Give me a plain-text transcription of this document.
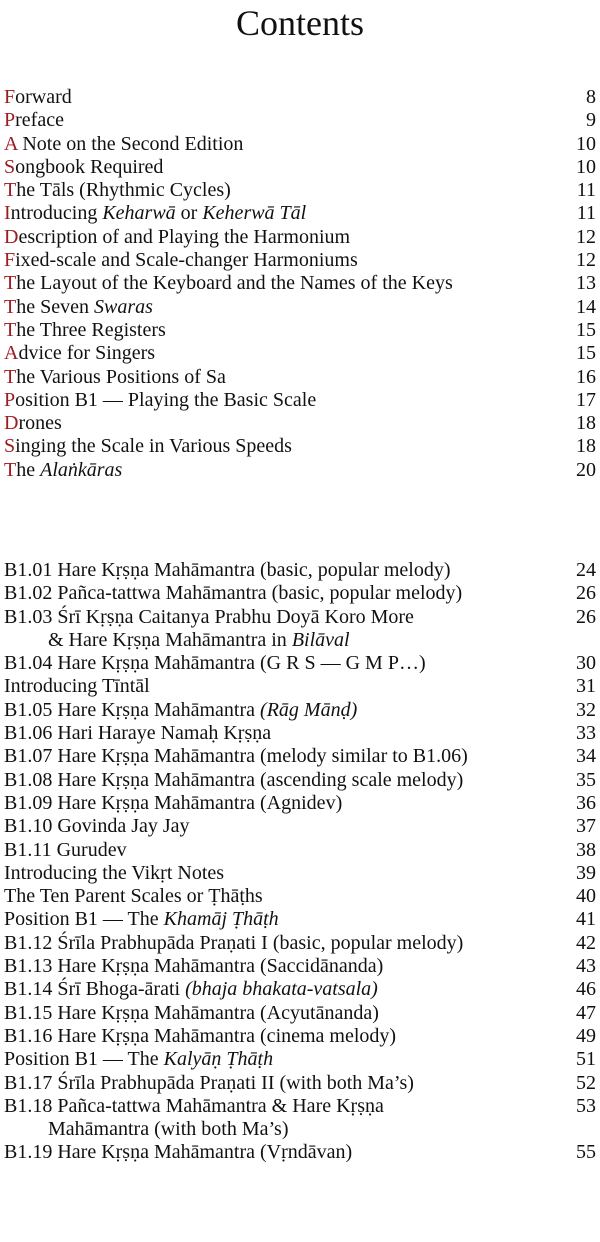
Contents
Forward	8
Preface	9
A Note on the Second Edition	10
Songbook Required	10
The Tāls (Rhythmic Cycles)	11
Introducing Keharwā or Keherwā Tāl	11
Description of and Playing the Harmonium	12
Fixed-scale and Scale-changer Harmoniums	12
The Layout of the Keyboard and the Names of the Keys	13
The Seven Swaras	14
The Three Registers	15
Advice for Singers	15
The Various Positions of Sa	16
Position B1 — Playing the Basic Scale	17
Drones	18
Singing the Scale in Various Speeds	18
The Alaṅkāras	20
B1.01 Hare Kṛṣṇa Mahāmantra (basic, popular melody)	24
B1.02 Pañca-tattwa Mahāmantra (basic, popular melody)	26
B1.03 Śrī Kṛṣṇa Caitanya Prabhu Doyā Koro More	26
& Hare Kṛṣṇa Mahāmantra in Bilāval
B1.04 Hare Kṛṣṇa Mahāmantra (G R S — G M P…)	30
Introducing Tīntāl	31
B1.05 Hare Kṛṣṇa Mahāmantra (Rāg Mānḍ)	32
B1.06 Hari Haraye Namaḥ Kṛṣṇa	33
B1.07 Hare Kṛṣṇa Mahāmantra (melody similar to B1.06)	34
B1.08 Hare Kṛṣṇa Mahāmantra (ascending scale melody)	35
B1.09 Hare Kṛṣṇa Mahāmantra (Agnidev)	36
B1.10 Govinda Jay Jay	37
B1.11 Gurudev	38
Introducing the Vikṛt Notes	39
The Ten Parent Scales or Ṭhāṭhs	40
Position B1 — The Khamāj Ṭhāṭh	41
B1.12 Śrīla Prabhupāda Praṇati I (basic, popular melody)	42
B1.13 Hare Kṛṣṇa Mahāmantra (Saccidānanda)	43
B1.14 Śrī Bhoga-ārati (bhaja bhakata-vatsala)	46
B1.15 Hare Kṛṣṇa Mahāmantra (Acyutānanda)	47
B1.16 Hare Kṛṣṇa Mahāmantra (cinema melody)	49
Position B1 — The Kalyāṇ Ṭhāṭh	51
B1.17 Śrīla Prabhupāda Praṇati II (with both Ma’s)	52
B1.18 Pañca-tattwa Mahāmantra & Hare Kṛṣṇa	53
Mahāmantra (with both Ma’s)
B1.19 Hare Kṛṣṇa Mahāmantra (Vṛndāvan)	55
